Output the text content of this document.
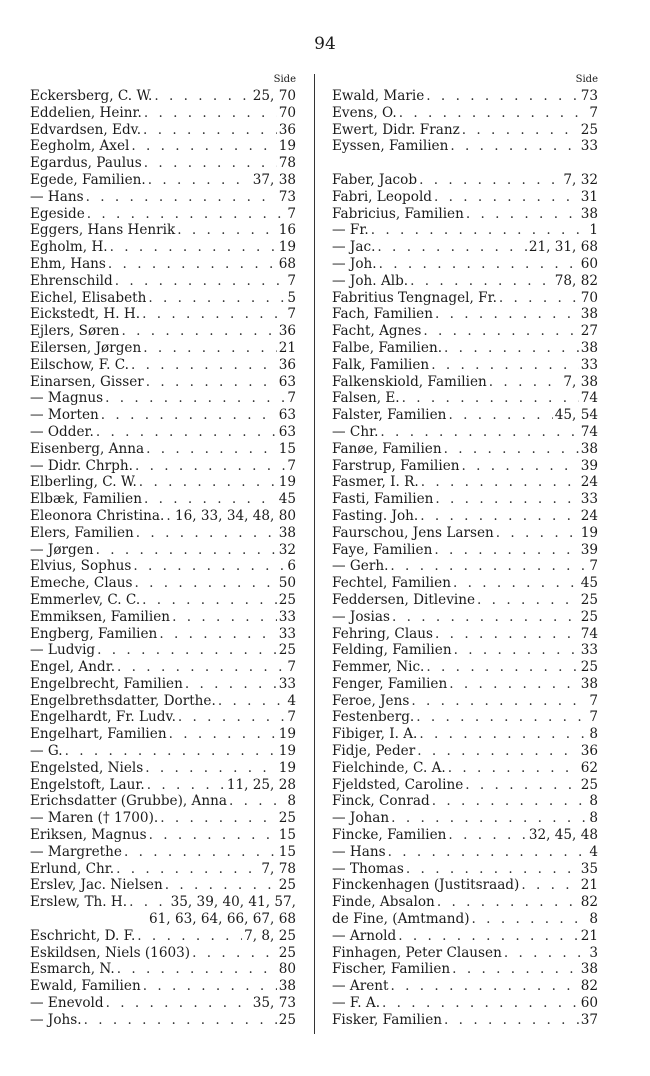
94
Side
Eckersberg, C. W. . . .	25, 70
Eddelien, Heinr. . . .	70
Edvardsen, Edv. . . .	36
Eegholm, Axel . . .	19
Egardus, Paulus . . .	78
Egede, Familien. . . .	37, 38
— Hans . . .	73
Egeside . . .	7
Eggers, Hans Henrik . . .	16
Egholm, H. . . .	19
Ehm, Hans . . .	68
Ehrenschild . . .	7
Eichel, Elisabeth . . .	5
Eickstedt, H. H. . . .	7
Ejlers, Søren . . .	36
Eilersen, Jørgen . . .	21
Eilschow, F. C. . . .	36
Einarsen, Gisser . . .	63
— Magnus . . .	7
— Morten . . .	63
— Odder. . . .	63
Eisenberg, Anna . . .	15
— Didr. Chrph. . . .	7
Elberling, C. W. . . .	19
Elbæk, Familien . . .	45
Eleonora Christina. . . . 16, 33, 34, 48, 80
Elers, Familien . . .	38
— Jørgen . . .	32
Elvius, Sophus . . .	6
Emeche, Claus . . .	50
Emmerlev, C. C. . . .	25
Emmiksen, Familien . . .	33
Engberg, Familien . . .	33
— Ludvig . . .	25
Engel, Andr. . . .	7
Engelbrecht, Familien . . .	33
Engelbrethsdatter, Dorthe. . . .	4
Engelhardt, Fr. Ludv. . . .	7
Engelhart, Familien . . .	19
— G. . . .	19
Engelsted, Niels . . .	19
Engelstoft, Laur. . . .	11, 25, 28
Erichsdatter (Grubbe), Anna . . .	8
— Maren († 1700). . . .	25
Eriksen, Magnus . . .	15
— Margrethe . . .	15
Erlund, Chr. . . .	7, 78
Erslev, Jac. Nielsen . . .	25
Erslew, Th. H. . . .	35, 39, 40, 41, 57,
61, 63, 64, 66, 67, 68
Eschricht, D. F. . . .	7, 8, 25
Eskildsen, Niels (1603) . . .	25
Esmarch, N. . . .	80
Ewald, Familien . . .	38
— Enevold . . .	35, 73
— Johs. . . .	25
Side
Ewald, Marie . . .	73
Evens, O. . . .	7
Ewert, Didr. Franz . . .	25
Eyssen, Familien . . .	33
Faber, Jacob . . .	7, 32
Fabri, Leopold . . .	31
Fabricius, Familien . . .	38
— Fr. . . .	1
— Jac. . . .	21, 31, 68
— Joh. . . .	60
— Joh. Alb. . . .	78, 82
Fabritius Tengnagel, Fr. . . .	70
Fach, Familien . . .	38
Facht, Agnes . . .	27
Falbe, Familien. . . .	38
Falk, Familien . . .	33
Falkenskiold, Familien . . .	7, 38
Falsen, E. . . .	74
Falster, Familien . . .	45, 54
— Chr. . . .	74
Fanøe, Familien . . .	38
Farstrup, Familien . . .	39
Fasmer, I. R. . . .	24
Fasti, Familien . . .	33
Fasting. Joh. . . .	24
Faurschou, Jens Larsen . . .	19
Faye, Familien . . .	39
— Gerh. . . .	7
Fechtel, Familien . . .	45
Feddersen, Ditlevine . . .	25
— Josias . . .	25
Fehring, Claus . . .	74
Felding, Familien . . .	33
Femmer, Nic. . . .	25
Fenger, Familien . . .	38
Feroe, Jens . . .	7
Festenberg. . . .	7
Fibiger, I. A. . . .	8
Fidje, Peder . . .	36
Fielchinde, C. A. . . .	62
Fjeldsted, Caroline . . .	25
Finck, Conrad . . .	8
— Johan . . .	8
Fincke, Familien . . .	32, 45, 48
— Hans . . .	4
— Thomas . . .	35
Finckenhagen (Justitsraad) . . .	21
Finde, Absalon . . .	82
de Fine, (Amtmand) . . .	8
— Arnold . . .	21
Finhagen, Peter Clausen . . .	3
Fischer, Familien . . .	38
— Arent . . .	82
— F. A. . . .	60
Fisker, Familien . . .	37
